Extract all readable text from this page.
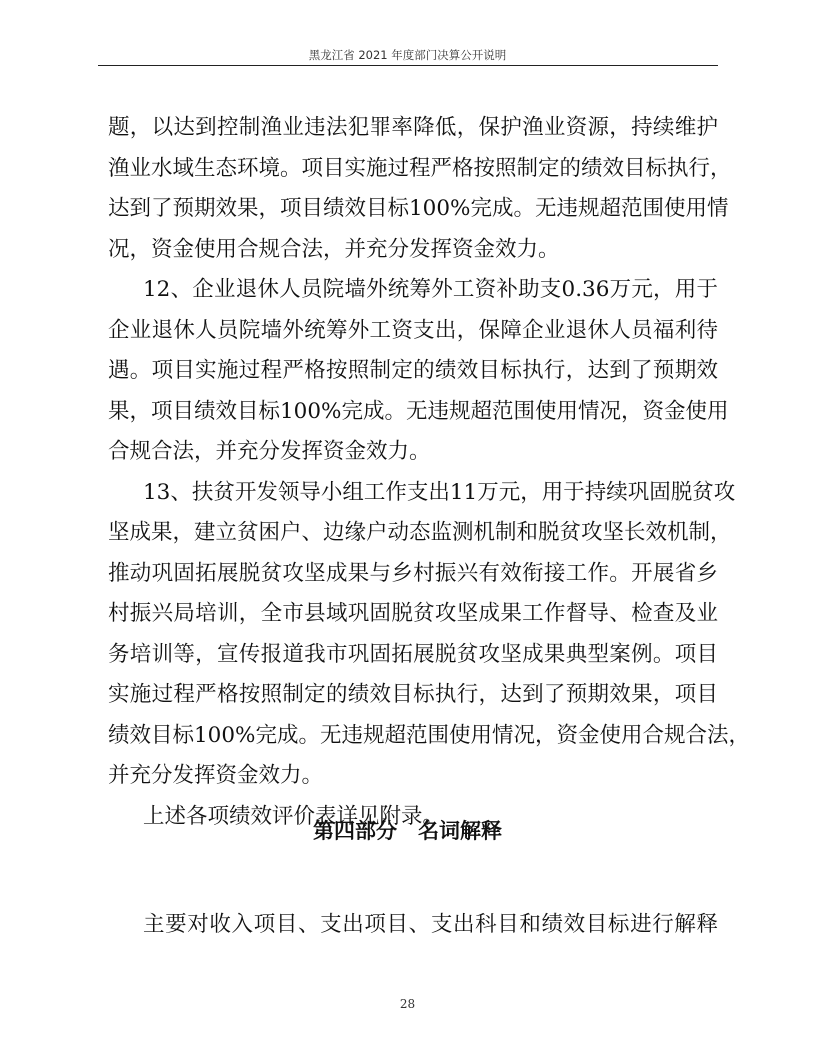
黑龙江省 2021 年度部门决算公开说明
题，以达到控制渔业违法犯罪率降低，保护渔业资源，持续维护
渔业水域生态环境。项目实施过程严格按照制定的绩效目标执行，
达到了预期效果，项目绩效目标100%完成。无违规超范围使用情
况，资金使用合规合法，并充分发挥资金效力。
12、企业退休人员院墙外统筹外工资补助支0.36万元，用于
企业退休人员院墙外统筹外工资支出，保障企业退休人员福利待
遇。项目实施过程严格按照制定的绩效目标执行，达到了预期效
果，项目绩效目标100%完成。无违规超范围使用情况，资金使用
合规合法，并充分发挥资金效力。
13、扶贫开发领导小组工作支出11万元，用于持续巩固脱贫攻
坚成果，建立贫困户、边缘户动态监测机制和脱贫攻坚长效机制，
推动巩固拓展脱贫攻坚成果与乡村振兴有效衔接工作。开展省乡
村振兴局培训，全市县域巩固脱贫攻坚成果工作督导、检查及业
务培训等，宣传报道我市巩固拓展脱贫攻坚成果典型案例。项目
实施过程严格按照制定的绩效目标执行，达到了预期效果，项目
绩效目标100%完成。无违规超范围使用情况，资金使用合规合法，
并充分发挥资金效力。
上述各项绩效评价表详见附录。
第四部分　名词解释
主要对收入项目、支出项目、支出科目和绩效目标进行解释
28
